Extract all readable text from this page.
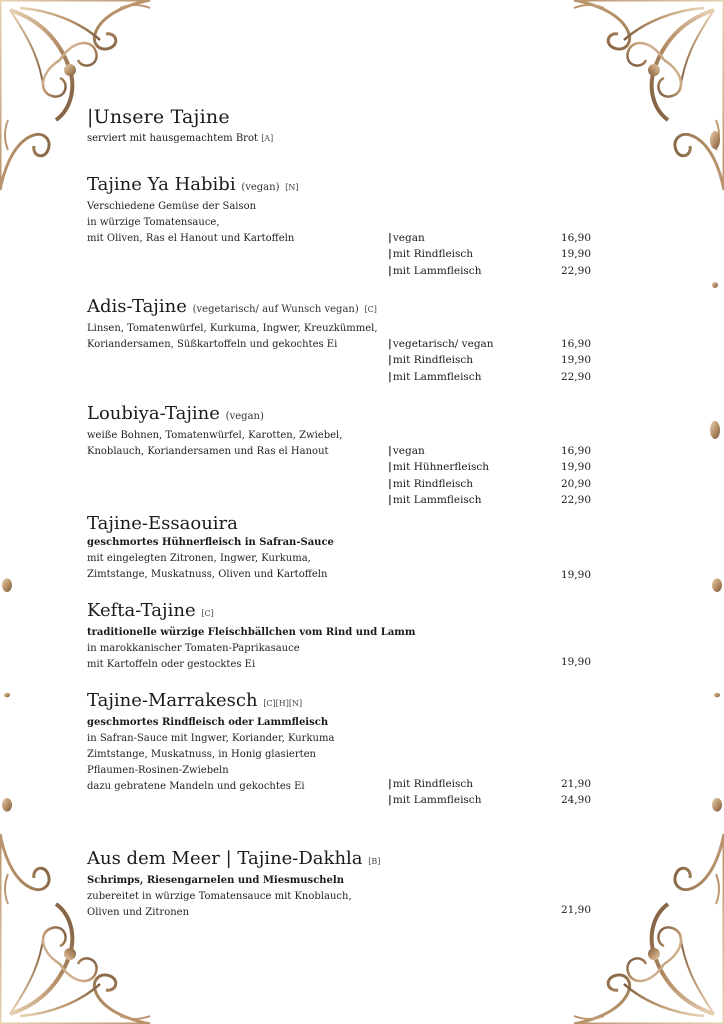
|Unsere Tajine
serviert mit hausgemachtem Brot [A]
Tajine Ya Habibi (vegan) [N]
Verschiedene Gemüse der Saison
in würzige Tomatensauce,
mit Oliven, Ras el Hanout und Kartoffeln	| vegan	16,90
| mit Rindfleisch	19,90
| mit Lammfleisch	22,90
Adis-Tajine (vegetarisch/ auf Wunsch vegan) [C]
Linsen, Tomatenwürfel, Kurkuma, Ingwer, Kreuzkümmel,
Koriandersamen, Süßkartoffeln und gekochtes Ei	| vegetarisch/ vegan	16,90
| mit Rindfleisch	19,90
| mit Lammfleisch	22,90
Loubiya-Tajine (vegan)
weiße Bohnen, Tomatenwürfel, Karotten, Zwiebel,
Knoblauch, Koriandersamen und Ras el Hanout	| vegan	16,90
| mit Hühnerfleisch	19,90
| mit Rindfleisch	20,90
| mit Lammfleisch	22,90
Tajine-Essaouira
geschmortes Hühnerfleisch in Safran-Sauce
mit eingelegten Zitronen, Ingwer, Kurkuma,
Zimtstange, Muskatnuss, Oliven und Kartoffeln	19,90
Kefta-Tajine [C]
traditionelle würzige Fleischbällchen vom Rind und Lamm
in marokkanischer Tomaten-Paprikasauce
mit Kartoffeln oder gestocktes Ei	19,90
Tajine-Marrakesch [C][H][N]
geschmortes Rindfleisch oder Lammfleisch
in Safran-Sauce mit Ingwer, Koriander, Kurkuma
Zimtstange, Muskatnuss, in Honig glasierten
Pflaumen-Rosinen-Zwiebeln
dazu gebratene Mandeln und gekochtes Ei	| mit Rindfleisch	21,90
| mit Lammfleisch	24,90
Aus dem Meer | Tajine-Dakhla [B]
Schrimps, Riesengarnelen und Miesmuscheln
zubereitet in würzige Tomatensauce mit Knoblauch,
Oliven und Zitronen	21,90
